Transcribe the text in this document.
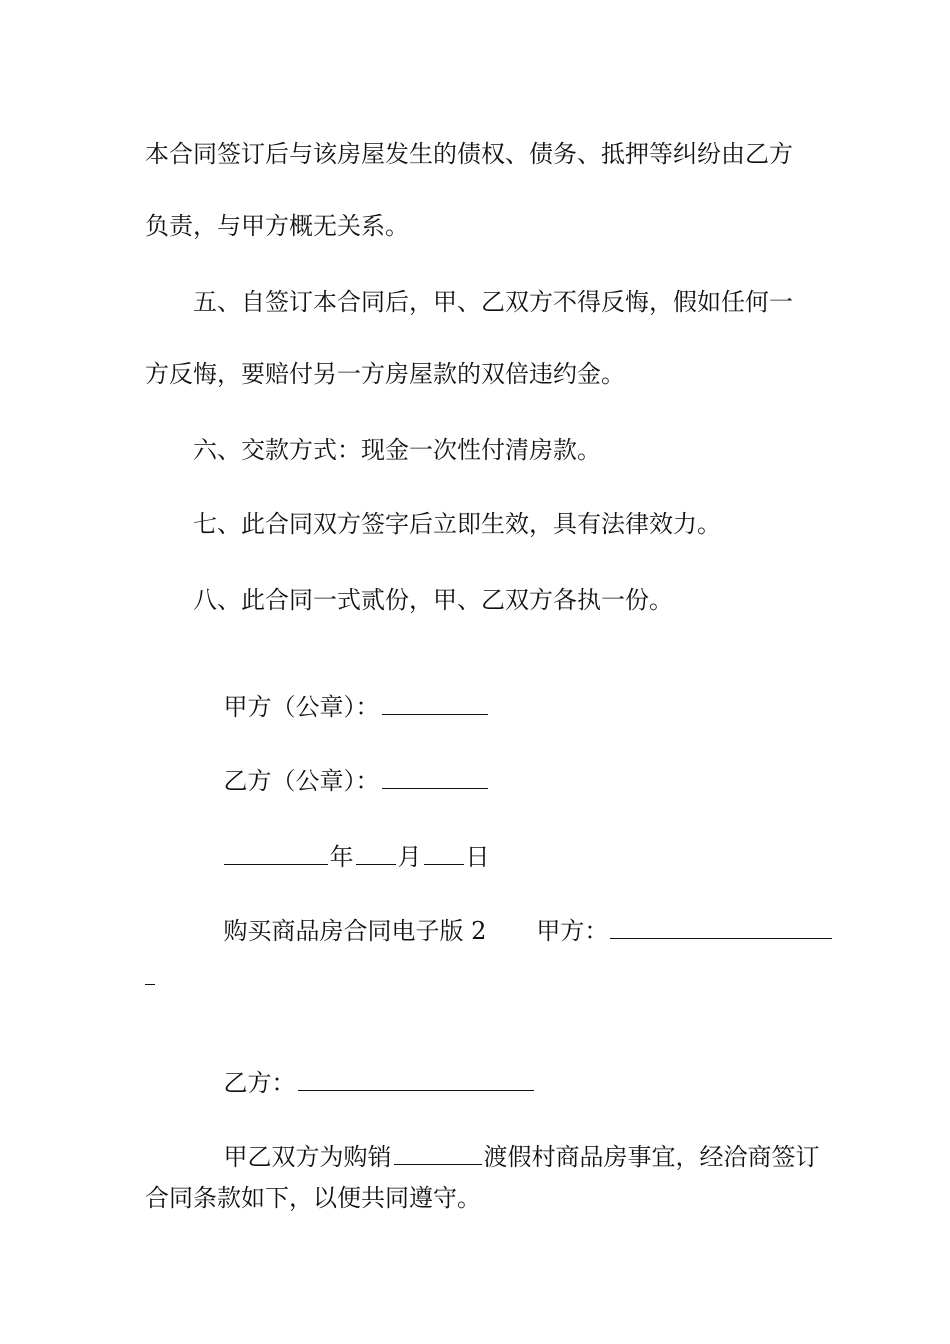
本合同签订后与该房屋发生的债权、债务、抵押等纠纷由乙方
负责，与甲方概无关系。
五、自签订本合同后，甲、乙双方不得反悔，假如任何一
方反悔，要赔付另一方房屋款的双倍违约金。
六、交款方式：现金一次性付清房款。
七、此合同双方签字后立即生效，具有法律效力。
八、此合同一式贰份，甲、乙双方各执一份。

甲方（公章）：

乙方（公章）：

年 月 日

购买商品房合同电子版 2 甲方：

乙方：

甲乙双方为购销	渡假村商品房事宜，经洽商签订

合同条款如下，以便共同遵守。
